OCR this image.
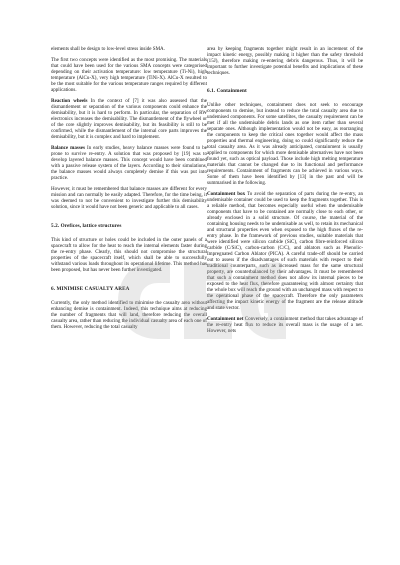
elements shall be design to low-level stress inside SMA.

The first two concepts were identified as the most promising. The materials that could have been used for the various SMA concepts were categorised depending on their activation temperature: low temperature (Ti-Ni), high temperature (AlCu-X), very high temperature (TiNi-X). AlCu-X resulted to be the most suitable for the various temperature ranges required by different applications.

Reaction wheels In the context of [7] it was also assessed that the dismantlement or separation of the various components could enhance the demisability, but it is hard to perform. In particular, the separation of RW electronics increases the demisability. The dismantlement of the flywheel or of the core slightly improves demisability, but its feasibility is still to be confirmed, while the dismantlement of the internal core parts improves the demisability, but it is complex and hard to implement.

Balance masses In early studies, heavy balance masses were found to be prone to survive re-entry. A solution that was proposed by [19] was to develop layered balance masses. This concept would have been combined with a passive release system of the layers. According to their simulations, the balance masses would always completely demise if this was put into practice.

However, it must be remembered that balance masses are different for every mission and can normally be easily adapted. Therefore, for the time being, it was deemed to not be convenient to investigate further this demisability solution, since it would have not been generic and applicable to all cases.

5.2. Orefices, lattice structures

This kind of structure or holes could be included in the outer panels of a spacecraft to allow for the heat to reach the internal elements faster during the re-entry phase. Clearly, this should not compromise the structural properties of the spacecraft itself, which shall be able to successfully withstand various loads throughout its operational lifetime. This method has been proposed, but has never been further investigated.

6. MINIMISE CASUALTY AREA

Currently, the only method identified to minimise the casualty area without enhancing demise is containment. Indeed, this technique aims at reducing the number of fragments that will land, therefore reducing the overall casualty area, rather than reducing the individual casualty area of each one of them. However, reducing the total casualty

area by keeping fragments together might result in an increment of the impact kinetic energy, possibly making it higher than the safety threshold (15J), therefore making re-entering debris dangerous. Thus, it will be important to further investigate potential benefits and implications of these techniques.

6.1. Containment

Unlike other techniques, containment does not seek to encourage components to demise, but instead to reduce the total casualty area due to undemised components. For some satellites, the casualty requirement can be met if all the undemisable debris lands as one item rather than several separate ones. Although implementation would not be easy, as rearranging the components to keep the critical ones together would affect the mass properties and thermal engineering, doing so could significantly reduce the total casualty area. As it was already anticipated, containment is usually applied to components for which more demisable alternatives have not been found yet, such as optical payload. Those include high melting temperature materials that cannot be changed due to its functional and performance requirements. Containment of fragments can be achieved in various ways. Some of them have been identified by [13] in the past and will be summarised in the following.

Containment box To avoid the separation of parts during the re-entry, an undemisable container could be used to keep the fragments together. This is a reliable method, that becomes especially useful when the undemisable components that have to be contained are normally close to each other, or already enclosed in a solid structure. Of course, the material of the containing housing needs to be undemisable as well, to retain its mechanical and structural properties even when exposed to the high fluxes of the re-entry phase. In the framework of previous studies, suitable materials that were identified were silicon carbide (SiC), carbon fibre-reinforced silicon carbide (C/SiC), carbon-carbon (C/C), and ablators such as Phenolic-Impregnated Carbon Ablator (PICA). A careful trade-off should be carried out to assess if the disadvantages of such materials with respect to their traditional counterparts, such as increased mass for the same structural property, are counterbalanced by their advantages. It must be remembered that such a containment method does not allow its internal pieces to be exposed to the heat flux, therefore guaranteeing with almost certainty that the whole box will reach the ground with an unchanged mass with respect to the operational phase of the spacecraft. Therefore the only parameters affecting the impact kinetic energy of the fragment are the release altitude and state vector.

Containment net Conversely, a containment method that takes advantage of the re-entry heat flux to reduce its overall mass is the usage of a net. However, nets
